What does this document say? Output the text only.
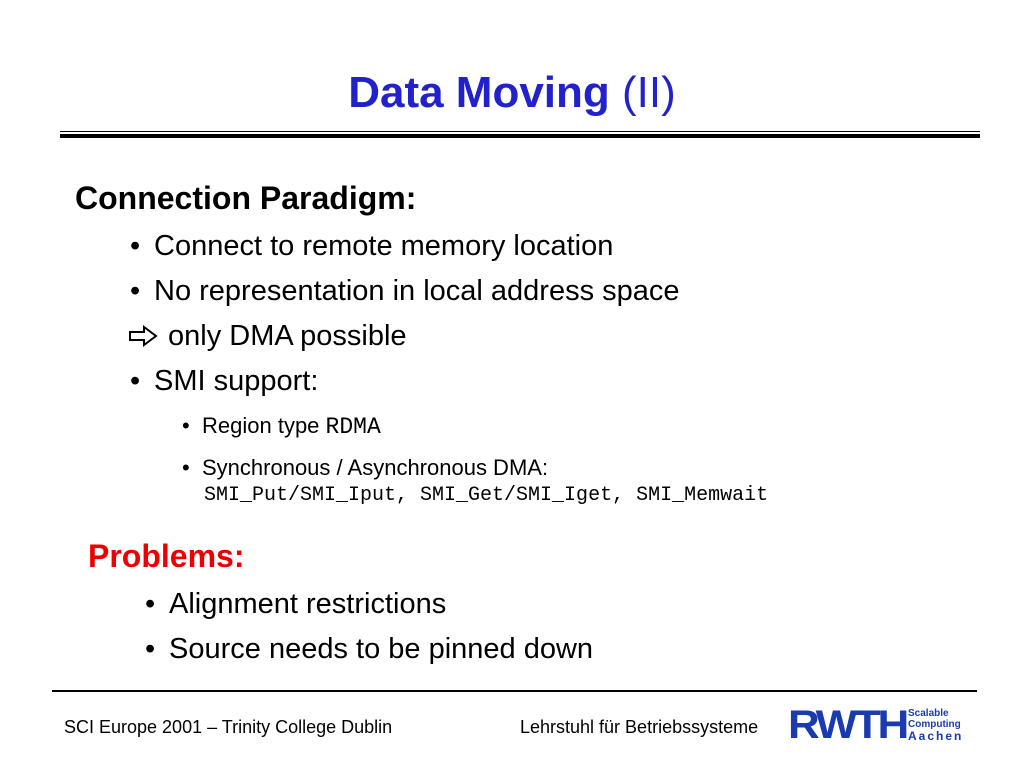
Data Moving (II)
Connection Paradigm:
• Connect to remote memory location
• No representation in local address space
only DMA possible
• SMI support:
• Region type RDMA
• Synchronous / Asynchronous DMA:
SMI_Put/SMI_Iput, SMI_Get/SMI_Iget, SMI_Memwait
Problems:
• Alignment restrictions
• Source needs to be pinned down
SCI Europe 2001 – Trinity College Dublin	Lehrstuhl für Betriebssysteme RWTH Scalable
Computing
Aachen
